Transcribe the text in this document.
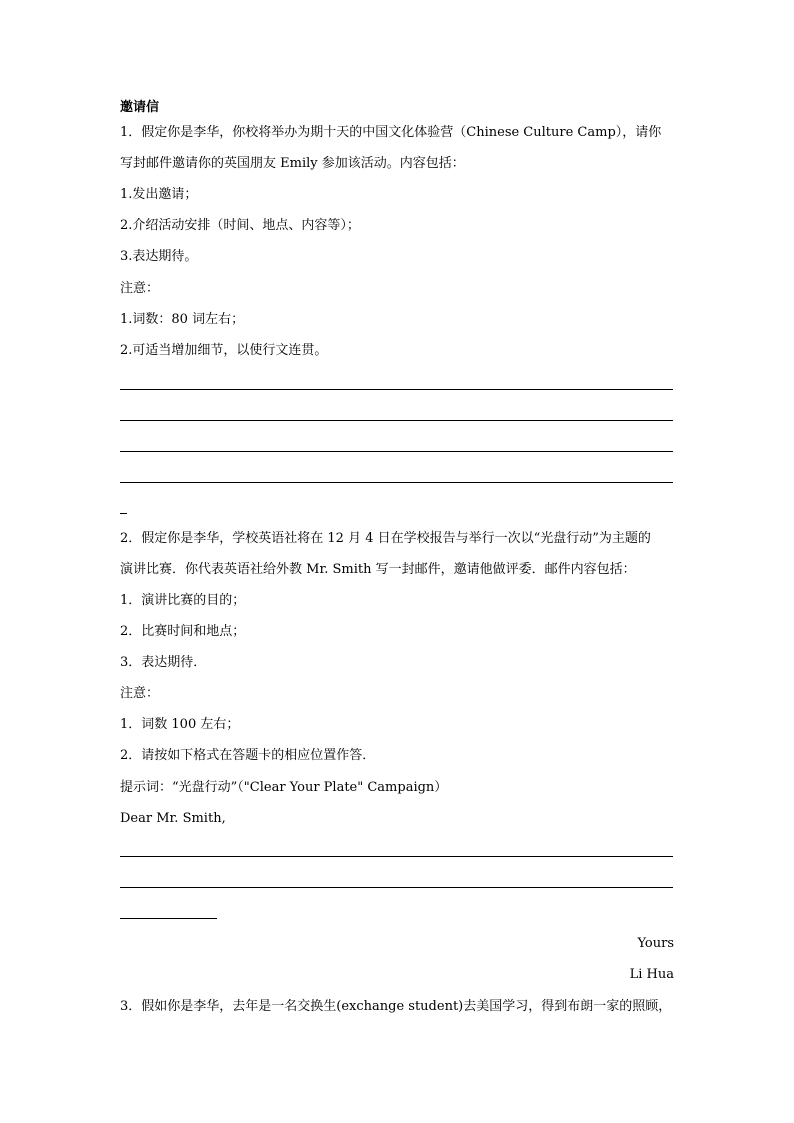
邀请信
1．假定你是李华，你校将举办为期十天的中国文化体验营（Chinese Culture Camp），请你
写封邮件邀请你的英国朋友 Emily 参加该活动。内容包括：
1.发出邀请；
2.介绍活动安排（时间、地点、内容等）；
3.表达期待。
注意：
1.词数：80 词左右；
2.可适当增加细节，以使行文连贯。
2．假定你是李华，学校英语社将在 12 月 4 日在学校报告与举行一次以“光盘行动”为主题的
演讲比赛．你代表英语社给外教 Mr. Smith 写一封邮件，邀请他做评委．邮件内容包括：
1．演讲比赛的目的；
2．比赛时间和地点；
3．表达期待．
注意：
1．词数 100 左右；
2．请按如下格式在答题卡的相应位置作答．
提示词：“光盘行动”（"Clear Your Plate" Campaign）
Dear Mr. Smith,
Yours
Li Hua
3．假如你是李华，去年是一名交换生(exchange student)去美国学习，得到布朗一家的照顾，
